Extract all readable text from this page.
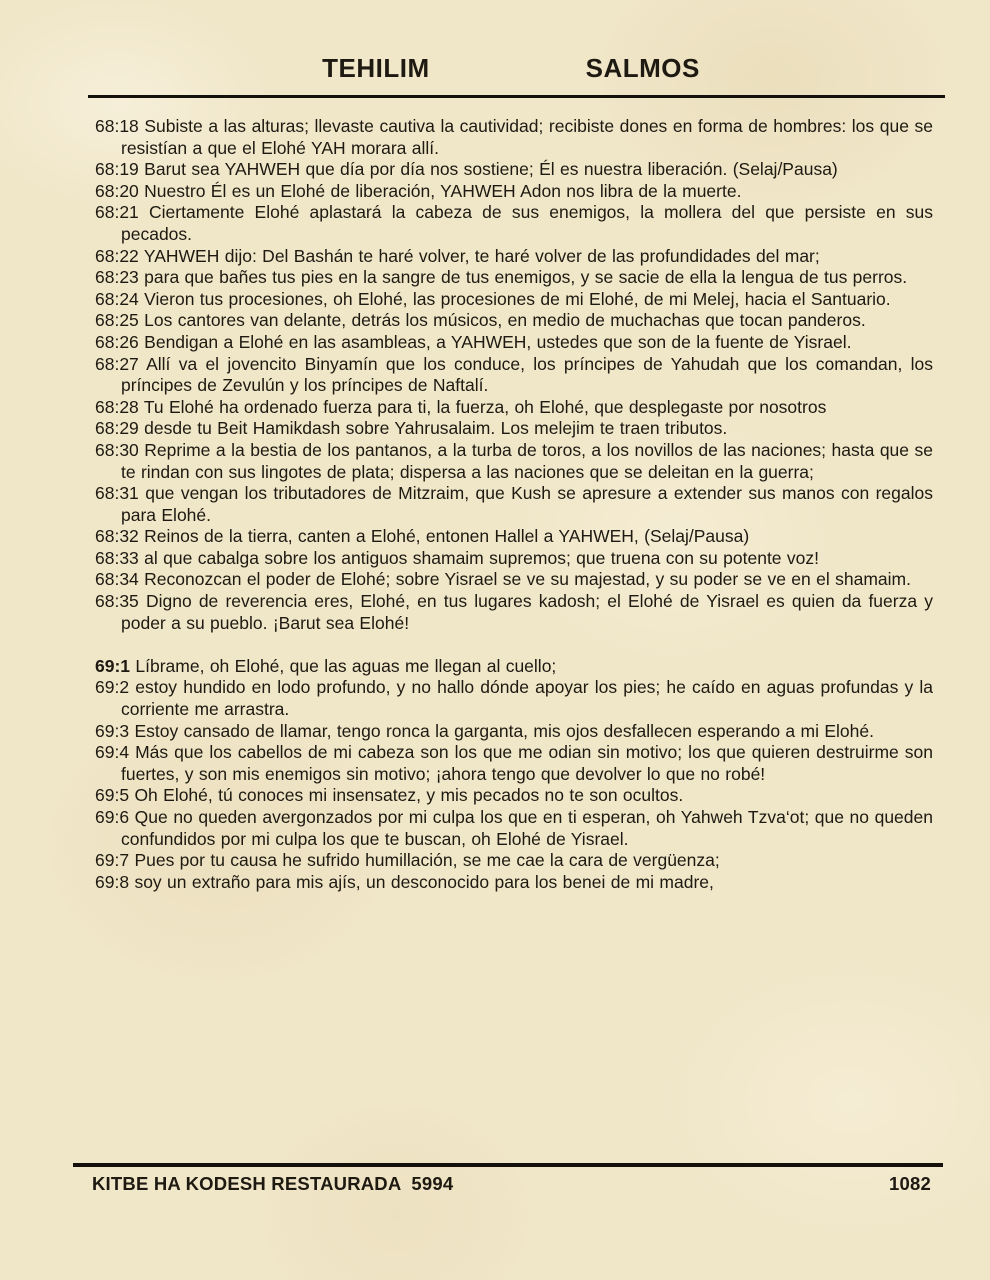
TEHILIM	SALMOS

68:18 Subiste a las alturas; llevaste cautiva la cautividad; recibiste dones en forma de hombres: los que se resistían a que el Elohé YAH morara allí.

68:19 Barut sea YAHWEH que día por día nos sostiene; Él es nuestra liberación. (Selaj/Pausa)

68:20 Nuestro Él es un Elohé de liberación, YAHWEH Adon nos libra de la muerte.

68:21 Ciertamente Elohé aplastará la cabeza de sus enemigos, la mollera del que persiste en sus pecados.

68:22 YAHWEH dijo: Del Bashán te haré volver, te haré volver de las profundidades del mar;

68:23 para que bañes tus pies en la sangre de tus enemigos, y se sacie de ella la lengua de tus perros.

68:24 Vieron tus procesiones, oh Elohé, las procesiones de mi Elohé, de mi Melej, hacia el Santuario.

68:25 Los cantores van delante, detrás los músicos, en medio de muchachas que tocan panderos.

68:26 Bendigan a Elohé en las asambleas, a YAHWEH, ustedes que son de la fuente de Yisrael.

68:27 Allí va el jovencito Binyamín que los conduce, los príncipes de Yahudah que los comandan, los príncipes de Zevulún y los príncipes de Naftalí.

68:28 Tu Elohé ha ordenado fuerza para ti, la fuerza, oh Elohé, que desplegaste por nosotros

68:29 desde tu Beit Hamikdash sobre Yahrusalaim. Los melejim te traen tributos.

68:30 Reprime a la bestia de los pantanos, a la turba de toros, a los novillos de las naciones; hasta que se te rindan con sus lingotes de plata; dispersa a las naciones que se deleitan en la guerra;

68:31 que vengan los tributadores de Mitzraim, que Kush se apresure a extender sus manos con regalos para Elohé.

68:32 Reinos de la tierra, canten a Elohé, entonen Hallel a YAHWEH, (Selaj/Pausa)

68:33 al que cabalga sobre los antiguos shamaim supremos; que truena con su potente voz!

68:34 Reconozcan el poder de Elohé; sobre Yisrael se ve su majestad, y su poder se ve en el shamaim.

68:35 Digno de reverencia eres, Elohé, en tus lugares kadosh; el Elohé de Yisrael es quien da fuerza y poder a su pueblo. ¡Barut sea Elohé!

69:1 Líbrame, oh Elohé, que las aguas me llegan al cuello;

69:2 estoy hundido en lodo profundo, y no hallo dónde apoyar los pies; he caído en aguas profundas y la corriente me arrastra.

69:3 Estoy cansado de llamar, tengo ronca la garganta, mis ojos desfallecen esperando a mi Elohé.

69:4 Más que los cabellos de mi cabeza son los que me odian sin motivo; los que quieren destruirme son fuertes, y son mis enemigos sin motivo; ¡ahora tengo que devolver lo que no robé!

69:5 Oh Elohé, tú conoces mi insensatez, y mis pecados no te son ocultos.

69:6 Que no queden avergonzados por mi culpa los que en ti esperan, oh Yahweh Tzva‘ot; que no queden confundidos por mi culpa los que te buscan, oh Elohé de Yisrael.

69:7 Pues por tu causa he sufrido humillación, se me cae la cara de vergüenza;

69:8 soy un extraño para mis ajís, un desconocido para los benei de mi madre,

KITBE HA KODESH RESTAURADA  5994	1082
